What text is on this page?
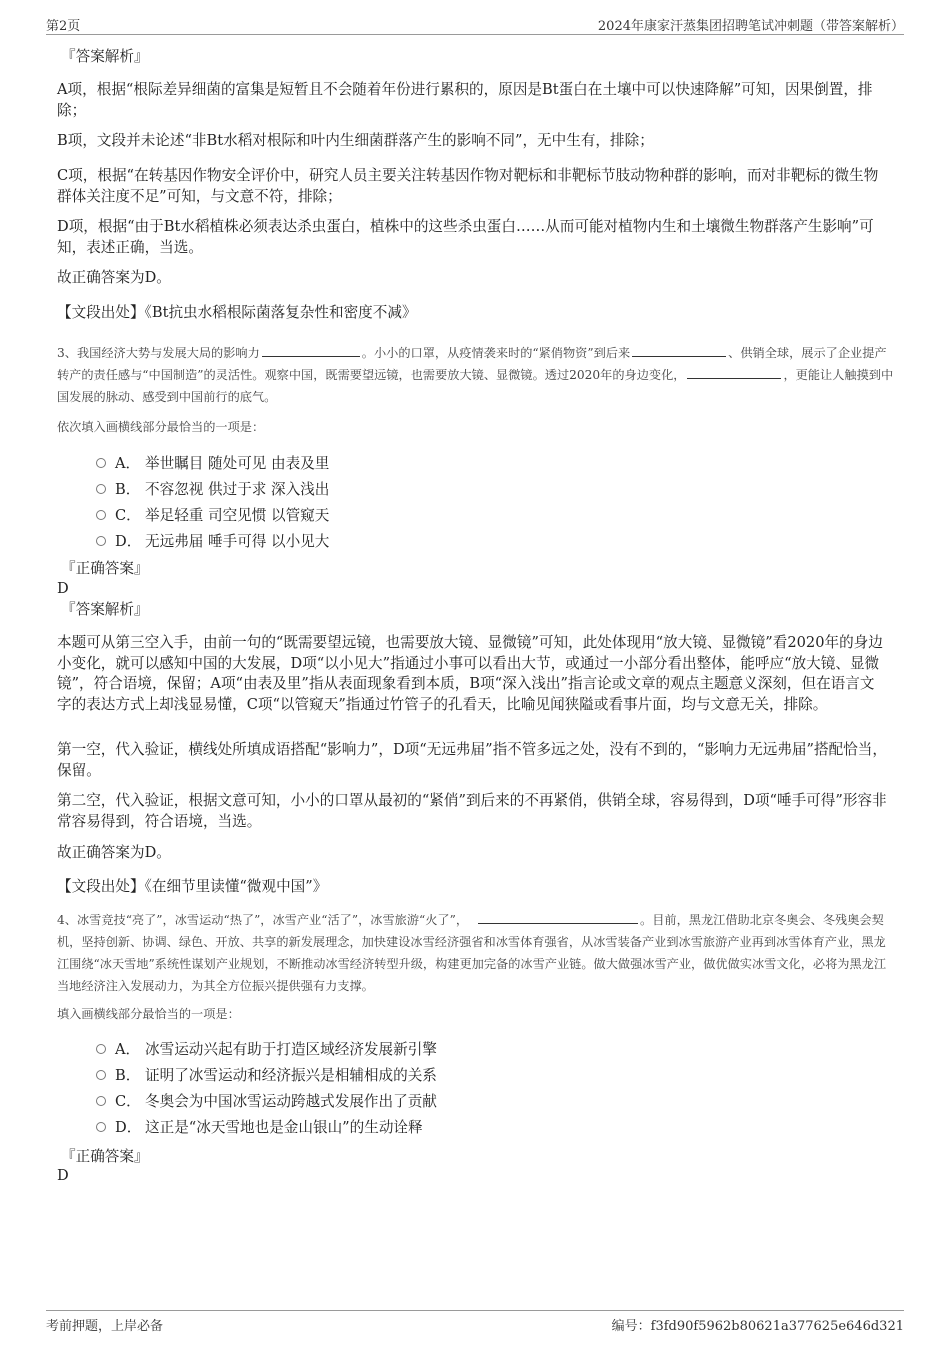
第2页	2024年康家汗蒸集团招聘笔试冲刺题（带答案解析）
『答案解析』

A项，根据“根际差异细菌的富集是短暂且不会随着年份进行累积的，原因是Bt蛋白在土壤中可以快速降解”可知，因果倒置，排除；

B项，文段并未论述“非Bt水稻对根际和叶内生细菌群落产生的影响不同”，无中生有，排除；

C项，根据“在转基因作物安全评价中，研究人员主要关注转基因作物对靶标和非靶标节肢动物种群的影响，而对非靶标的微生物群体关注度不足”可知，与文意不符，排除；

D项，根据“由于Bt水稻植株必须表达杀虫蛋白，植株中的这些杀虫蛋白……从而可能对植物内生和土壤微生物群落产生影响”可知，表述正确，当选。

故正确答案为D。

【文段出处】《Bt抗虫水稻根际菌落复杂性和密度不减》

3、我国经济大势与发展大局的影响力	。小小的口罩，从疫情袭来时的“紧俏物资”到后来	、供销全球，展示了企业提产转产的责任感与“中国制造”的灵活性。观察中国，既需要望远镜，也需要放大镜、显微镜。透过2020年的身边变化，	，更能让人触摸到中国发展的脉动、感受到中国前行的底气。

依次填入画横线部分最恰当的一项是：

A． 举世瞩目 随处可见 由表及里
B． 不容忽视 供过于求 深入浅出
C． 举足轻重 司空见惯 以管窥天
D． 无远弗届 唾手可得 以小见大
『正确答案』
D
『答案解析』

本题可从第三空入手，由前一句的“既需要望远镜，也需要放大镜、显微镜”可知，此处体现用“放大镜、显微镜”看2020年的身边小变化，就可以感知中国的大发展，D项“以小见大”指通过小事可以看出大节，或通过一小部分看出整体，能呼应“放大镜、显微镜”，符合语境，保留；A项“由表及里”指从表面现象看到本质，B项“深入浅出”指言论或文章的观点主题意义深刻，但在语言文字的表达方式上却浅显易懂，C项“以管窥天”指通过竹管子的孔看天，比喻见闻狭隘或看事片面，均与文意无关，排除。

第一空，代入验证，横线处所填成语搭配“影响力”，D项“无远弗届”指不管多远之处，没有不到的，“影响力无远弗届”搭配恰当，保留。

第二空，代入验证，根据文意可知，小小的口罩从最初的“紧俏”到后来的不再紧俏，供销全球，容易得到，D项“唾手可得”形容非常容易得到，符合语境，当选。

故正确答案为D。

【文段出处】《在细节里读懂“微观中国”》

4、冰雪竞技“亮了”，冰雪运动“热了”，冰雪产业“活了”，冰雪旅游“火了”，	。目前，黑龙江借助北京冬奥会、冬残奥会契机，坚持创新、协调、绿色、开放、共享的新发展理念，加快建设冰雪经济强省和冰雪体育强省，从冰雪装备产业到冰雪旅游产业再到冰雪体育产业，黑龙江围绕“冰天雪地”系统性谋划产业规划，不断推动冰雪经济转型升级，构建更加完备的冰雪产业链。做大做强冰雪产业，做优做实冰雪文化，必将为黑龙江当地经济注入发展动力，为其全方位振兴提供强有力支撑。

填入画横线部分最恰当的一项是：

A． 冰雪运动兴起有助于打造区域经济发展新引擎
B． 证明了冰雪运动和经济振兴是相辅相成的关系
C． 冬奥会为中国冰雪运动跨越式发展作出了贡献
D． 这正是“冰天雪地也是金山银山”的生动诠释
『正确答案』
D
考前押题，上岸必备	编号：f3fd90f5962b80621a377625e646d321
